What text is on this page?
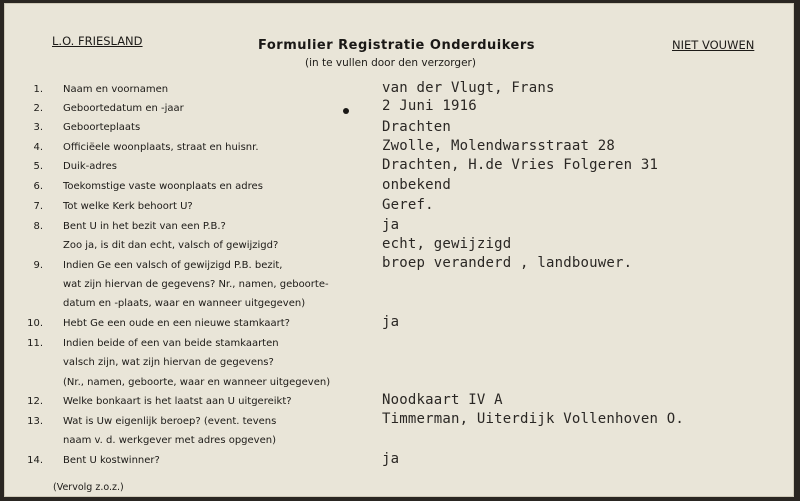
L.O. FRIESLAND	Formulier Registratie Onderduikers
(in te vullen door den verzorger)
NIET VOUWEN
1. Naam en voornamen
2. Geboortedatum en -jaar
3. Geboorteplaats
4. Officiëele woonplaats, straat en huisnr.
5. Duik-adres
6. Toekomstige vaste woonplaats en adres
7. Tot welke Kerk behoort U?
8. Bent U in het bezit van een P.B.?
Zoo ja, is dit dan echt, valsch of gewijzigd?
9. Indien Ge een valsch of gewijzigd P.B. bezit,
wat zijn hiervan de gegevens? Nr., namen, geboorte-
datum en -plaats, waar en wanneer uitgegeven)
10. Hebt Ge een oude en een nieuwe stamkaart?
11. Indien beide of een van beide stamkaarten
valsch zijn, wat zijn hiervan de gegevens?
(Nr., namen, geboorte, waar en wanneer uitgegeven)
12. Welke bonkaart is het laatst aan U uitgereikt?
13. Wat is Uw eigenlijk beroep? (event. tevens
naam v. d. werkgever met adres opgeven)
14. Bent U kostwinner?
van der Vlugt, Frans
2 Juni 1916
Drachten
Zwolle, Molendwarsstraat 28
Drachten, H.de Vries Folgeren 31
onbekend
Geref.
ja
echt, gewijzigd
broep veranderd , landbouwer.
ja
Noodkaart IV A
Timmerman, Uiterdijk Vollenhoven O.
ja
(Vervolg z.o.z.)
